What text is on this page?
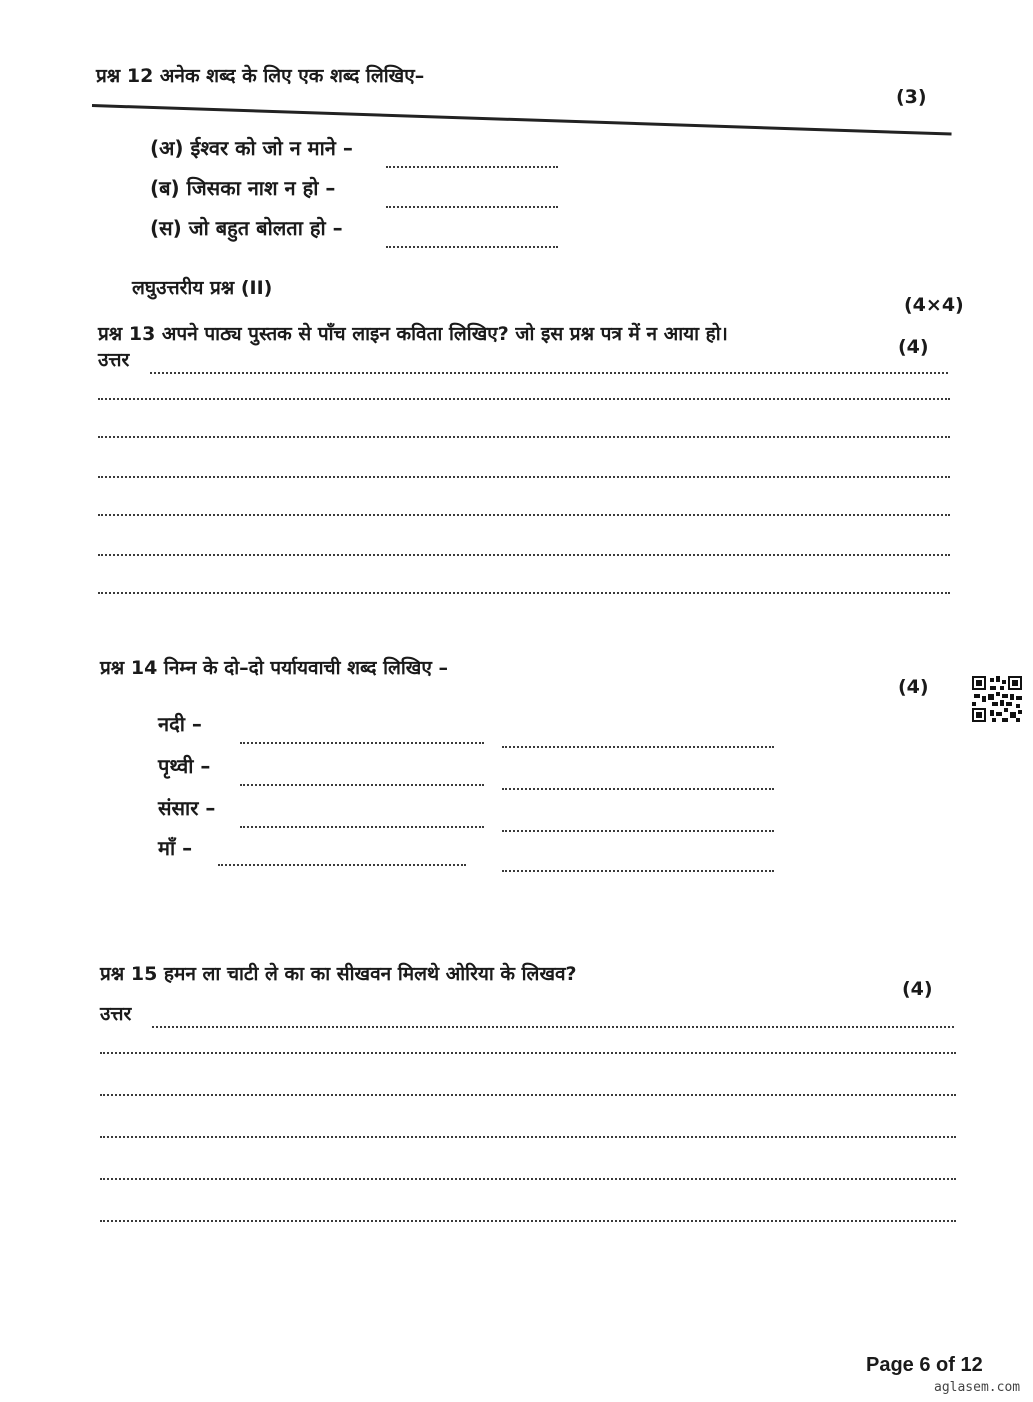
प्रश्न 12 अनेक शब्द के लिए एक शब्द लिखिए–
(3)
(अ) ईश्वर को जो न माने –
(ब) जिसका नाश न हो –
(स) जो बहुत बोलता हो –
लघुउत्तरीय प्रश्न (II)
(4×4)
प्रश्न 13 अपने पाठ्य पुस्तक से पाँच लाइन कविता लिखिए? जो इस प्रश्न पत्र में न आया हो।
(4)
उत्तर
प्रश्न 14 निम्न के दो–दो पर्यायवाची शब्द लिखिए –
(4)
नदी –
पृथ्वी –
संसार –
माँ –
प्रश्न 15 हमन ला चाटी ले का का सीखवन मिलथे ओरिया के लिखव?
(4)
उत्तर
Page 6 of 12
aglasem.com
